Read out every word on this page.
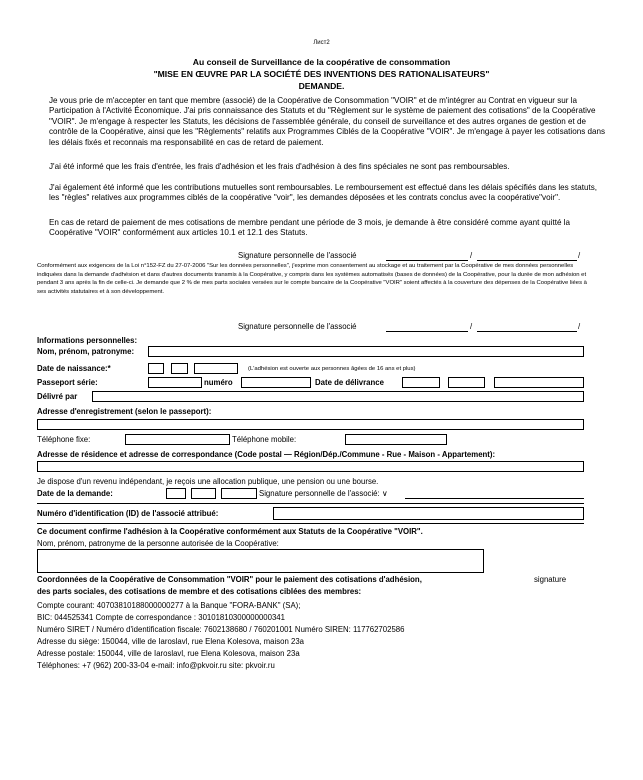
Лист2
Au conseil de Surveillance de la coopérative de consommation
"MISE EN ŒUVRE PAR LA SOCIÉTÉ DES INVENTIONS DES RATIONALISATEURS"
DEMANDE.
Je vous prie de m'accepter en tant que membre (associé) de la Coopérative de Consommation "VOIR" et de m'intégrer au Contrat en vigueur sur la Participation à l'Activité Économique. J'ai pris connaissance des Statuts et du "Règlement sur le système de paiement des cotisations" de la Coopérative "VOIR". Je m'engage à respecter les Statuts, les décisions de l'assemblée générale, du conseil de surveillance et des autres organes de gestion et de contrôle de la Coopérative, ainsi que les "Règlements" relatifs aux Programmes Ciblés de la Coopérative "VOIR". Je m'engage à payer les cotisations dans les délais fixés et reconnais ma responsabilité en cas de retard de paiement.
J'ai été informé que les frais d'entrée, les frais d'adhésion et les frais d'adhésion à des fins spéciales ne sont pas remboursables.
J'ai également été informé que les contributions mutuelles sont remboursables. Le remboursement est effectué dans les délais spécifiés dans les statuts, les "règles" relatives aux programmes ciblés de la coopérative "voir", les demandes déposées et les contrats conclus avec la coopérative"voir".
En cas de retard de paiement de mes cotisations de membre pendant une période de 3 mois, je demande à être considéré comme ayant quitté la Coopérative "VOIR" conformément aux articles 10.1 et 12.1 des Statuts.
Signature personnelle de l'associé	/	/
Conformément aux exigences de la Loi n°152-FZ du 27-07-2006 "Sur les données personnelles", j'exprime mon consentement au stockage et au traitement par la Coopérative de mes données personnelles indiquées dans la demande d'adhésion et dans d'autres documents transmis à la Coopérative, y compris dans les systèmes automatisés (bases de données) de la Coopérative, pour la durée de mon adhésion et pendant 3 ans après la fin de celle-ci. Je demande que 2 % de mes parts sociales versées sur le compte bancaire de la Coopérative "VOIR" soient affectés à la couverture des dépenses de la Coopérative liées à ses activités statutaires et à son développement.
Signature personnelle de l'associé	/	/
Informations personnelles:
Nom, prénom, patronyme:
Date de naissance:*	(L'adhésion est ouverte aux personnes âgées de 16 ans et plus)
Passeport série:	numéro	Date de délivrance
Délivré par
Adresse d'enregistrement (selon le passeport):
Téléphone fixe:	Téléphone mobile:
Adresse de résidence et adresse de correspondance (Code postal — Région/Dép./Commune - Rue - Maison - Appartement):
Je dispose d'un revenu indépendant, je reçois une allocation publique, une pension ou une bourse.
Date de la demande:	Signature personnelle de l'associé: ∨
Numéro d'identification (ID) de l'associé attribué:
Ce document confirme l'adhésion à la Coopérative conformément aux Statuts de la Coopérative "VOIR".
Nom, prénom, patronyme de la personne autorisée de la Coopérative:
Coordonnées de la Coopérative de Consommation "VOIR" pour le paiement des cotisations d'adhésion,	signature
des parts sociales, des cotisations de membre et des cotisations ciblées des membres:
Compte courant: 40703810188000000277 à la Banque "FORA-BANK" (SA);
BIC: 044525341 Compte de correspondance : 30101810300000000341
Numéro SIRET / Numéro d'identification fiscale: 7602138680 / 760201001 Numéro SIREN: 117762702586
Adresse du siège: 150044, ville de Iaroslavl, rue Elena Kolesova, maison 23a
Adresse postale: 150044, ville de Iaroslavl, rue Elena Kolesova, maison 23a
Téléphones: +7 (962) 200-33-04 e-mail: info@pkvoir.ru site: pkvoir.ru
